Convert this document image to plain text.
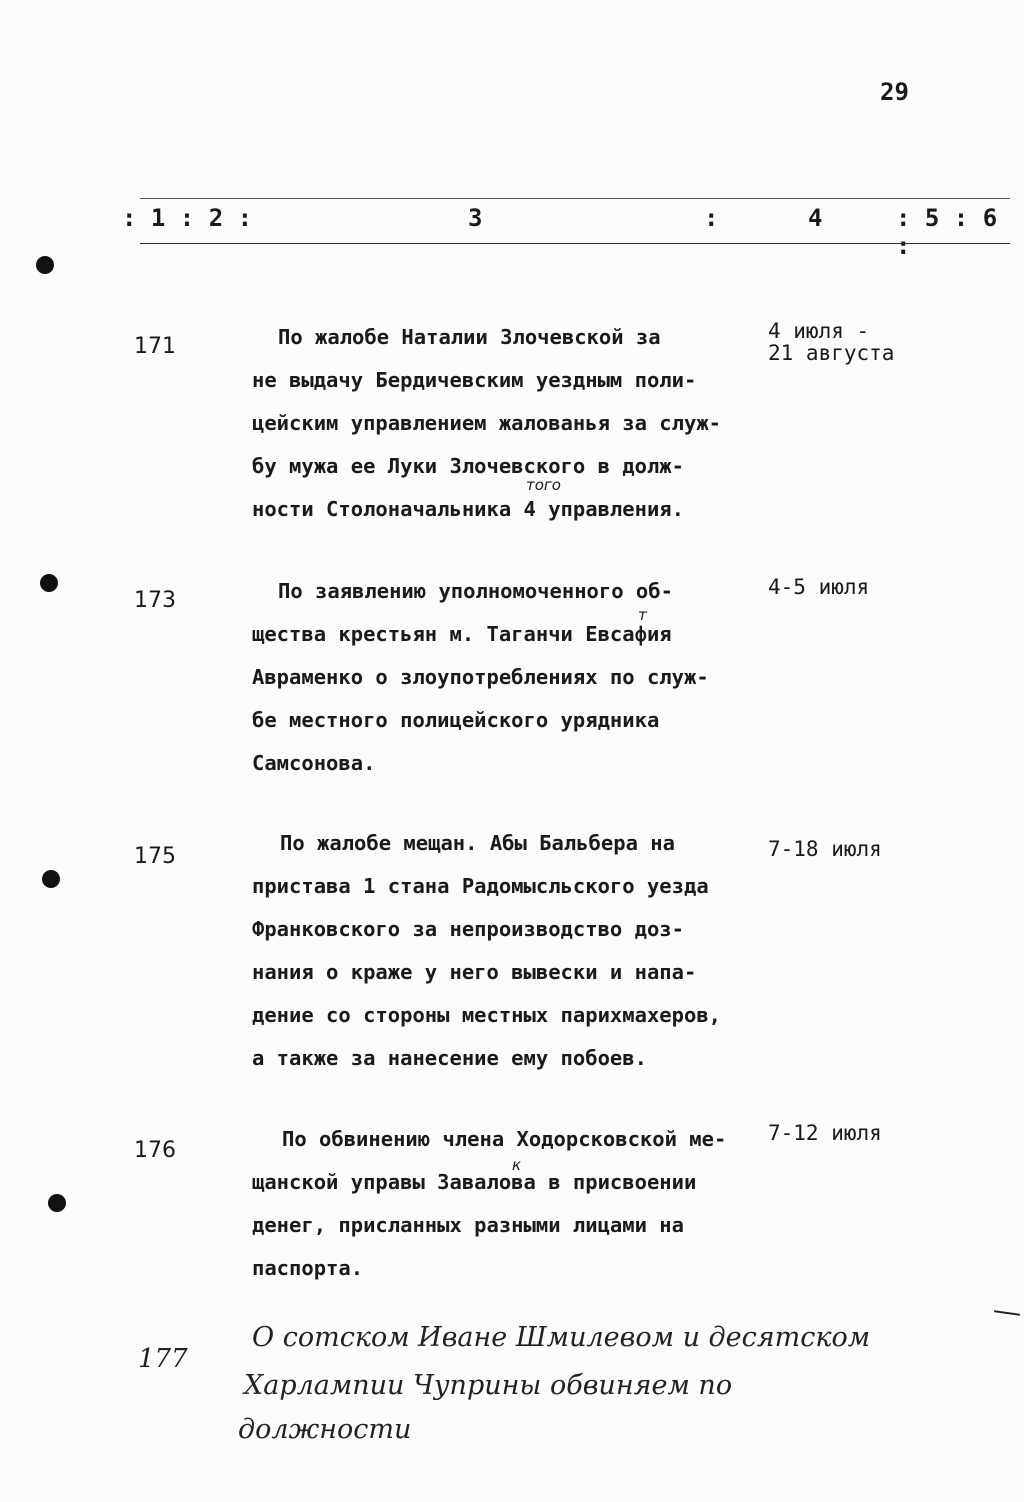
29
: 1 : 2 :	3	:	4	: 5 : 6 :
171	По жалобе Наталии Злочевской за
не выдачу Бердичевским уездным поли-
цейским управлением жалованья за служ-
бу мужа ее Луки Злочевского в долж-
ности Столоначальника 4 управления.
того
4 июля -
21 августа
173	По заявлению уполномоченного об-
щества крестьян м. Таганчи Евсафия
Авраменко о злоупотреблениях по служ-
бе местного полицейского урядника
Самсонова.
т
4-5 июля
175
По жалобе мещан. Абы Бальбера на
пристава 1 стана Радомысльского уезда
Франковского за непроизводство доз-
нания о краже у него вывески и напа-
дение со стороны местных парихмахеров,
а также за нанесение ему побоев.
7-18 июля
176	По обвинению члена Ходорсковской ме-
щанской управы Заваловa в присвоении
денег, присланных разными лицами на
паспорта.
к
7-12 июля
177
О сотском Иване Шмилевом и десятском
Харлампии Чуприны обвиняем по
должности
